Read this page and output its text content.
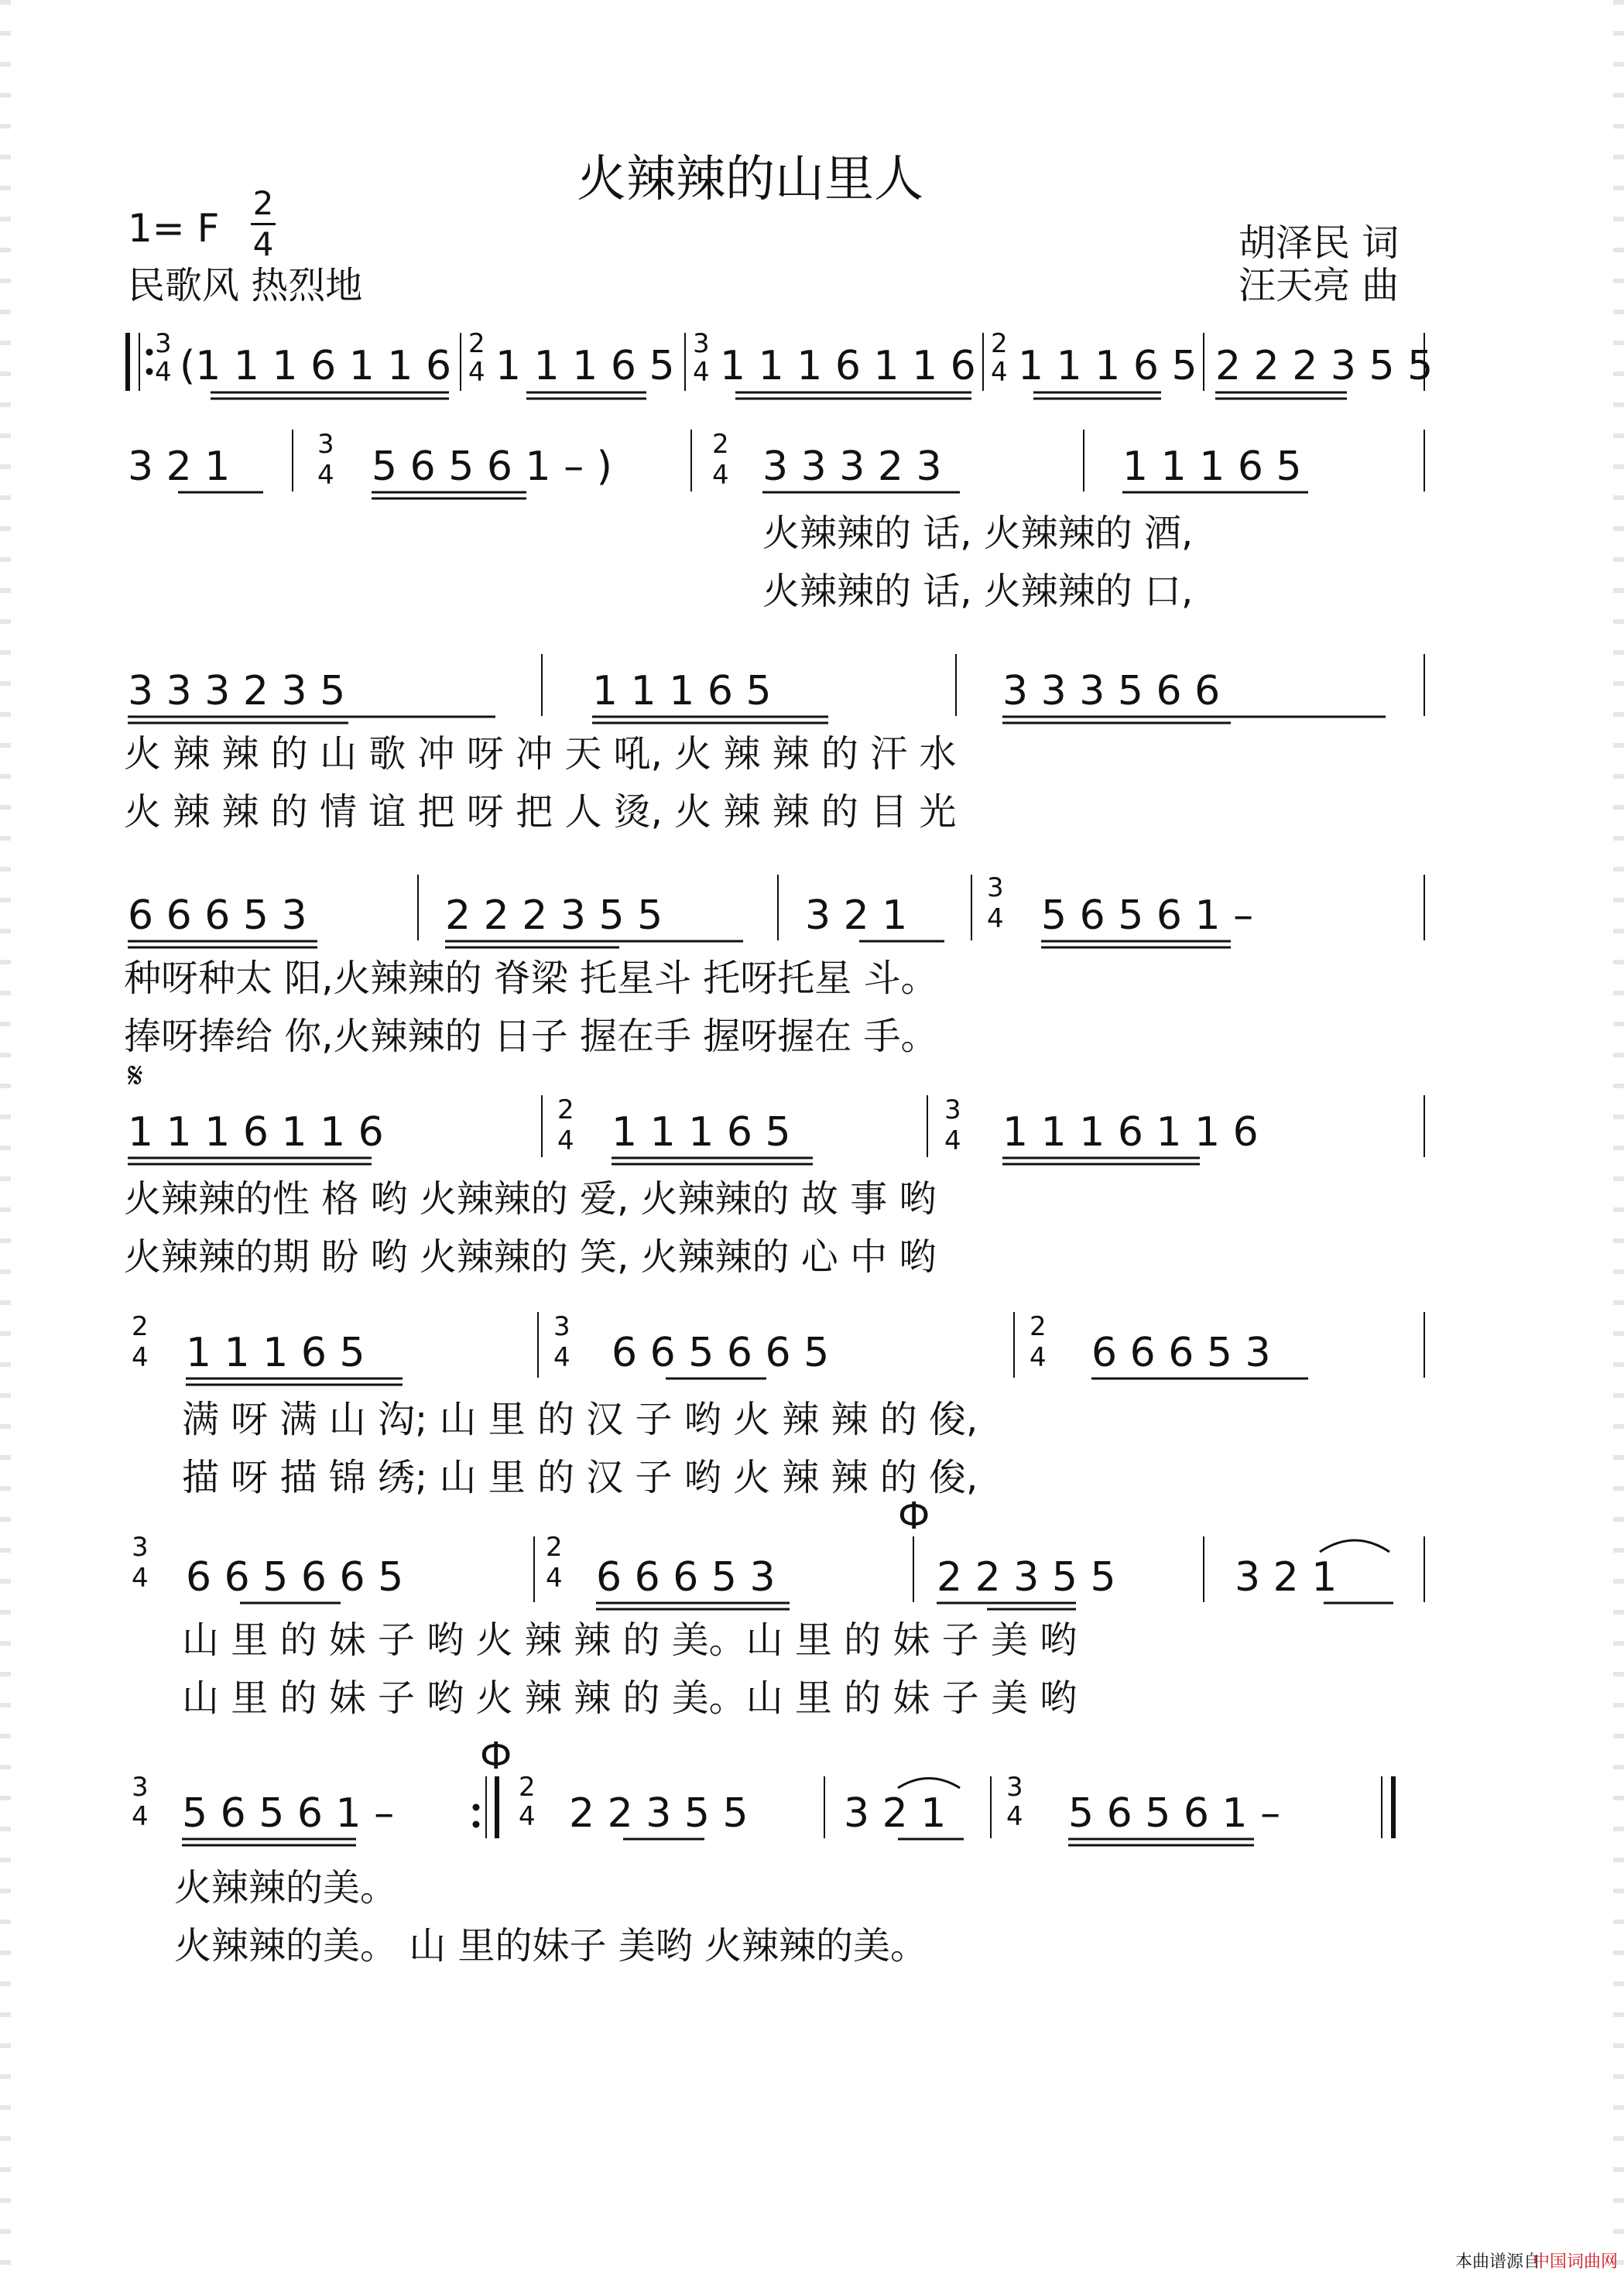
火辣辣的山里人
1= F
2
4
民歌风 热烈地
胡泽民 词
汪天亮 曲
3
4 (1 1 1 6 1 1 6 2
4 1 1 1 6 5 3
4 1 1 1 6 1 1 6 2
4 1 1 1 6 5 2 2 2 3 5 5
3 2 1	3
4 5 6 5 6 1 – )	2
4 3 3 3 2 3	1 1 1 6 5
3 3 3 2 3 5	1 1 1 6 5	3 3 3 5 6 6
6 6 6 5 3	2 2 2 3 5 5	3 2 1
3
4 5 6 5 6 1 –
𝄋
1 1 1 6 1 1 6	2
4 1 1 1 6 5	3
4 1 1 1 6 1 1 6
2
4 1 1 1 6 5
3
4 6 6 5 6 6 5
2
4 6 6 6 5 3
Ф
3
4 6 6 5 6 6 5
2
4 6 6 6 5 3	2 2 3 5 5	3 2 1
Ф
3
4 5 6 5 6 1 –
2
4 2 2 3 5 5 3 2 1
3
4 5 6 5 6 1 –
火辣辣的 话, 火辣辣的 酒,
火辣辣的 话, 火辣辣的 口,
火 辣 辣 的 山 歌 冲 呀 冲 天 吼, 火 辣 辣 的 汗 水
火 辣 辣 的 情 谊 把 呀 把 人 烫, 火 辣 辣 的 目 光
种呀种太 阳,火辣辣的 脊梁 托星斗 托呀托星 斗。
捧呀捧给 你,火辣辣的 日子 握在手 握呀握在 手。
火辣辣的性 格 哟 火辣辣的 爱, 火辣辣的 故 事 哟
火辣辣的期 盼 哟 火辣辣的 笑, 火辣辣的 心 中 哟
满 呀 满 山 沟; 山 里 的 汉 子 哟 火 辣 辣 的 俊,
描 呀 描 锦 绣; 山 里 的 汉 子 哟 火 辣 辣 的 俊,
山 里 的 妹 子 哟 火 辣 辣 的 美。山 里 的 妹 子 美 哟
山 里 的 妹 子 哟 火 辣 辣 的 美。山 里 的 妹 子 美 哟
火辣辣的美。
火辣辣的美。 山 里的妹子 美哟 火辣辣的美。
本曲谱源自
中国词曲网
